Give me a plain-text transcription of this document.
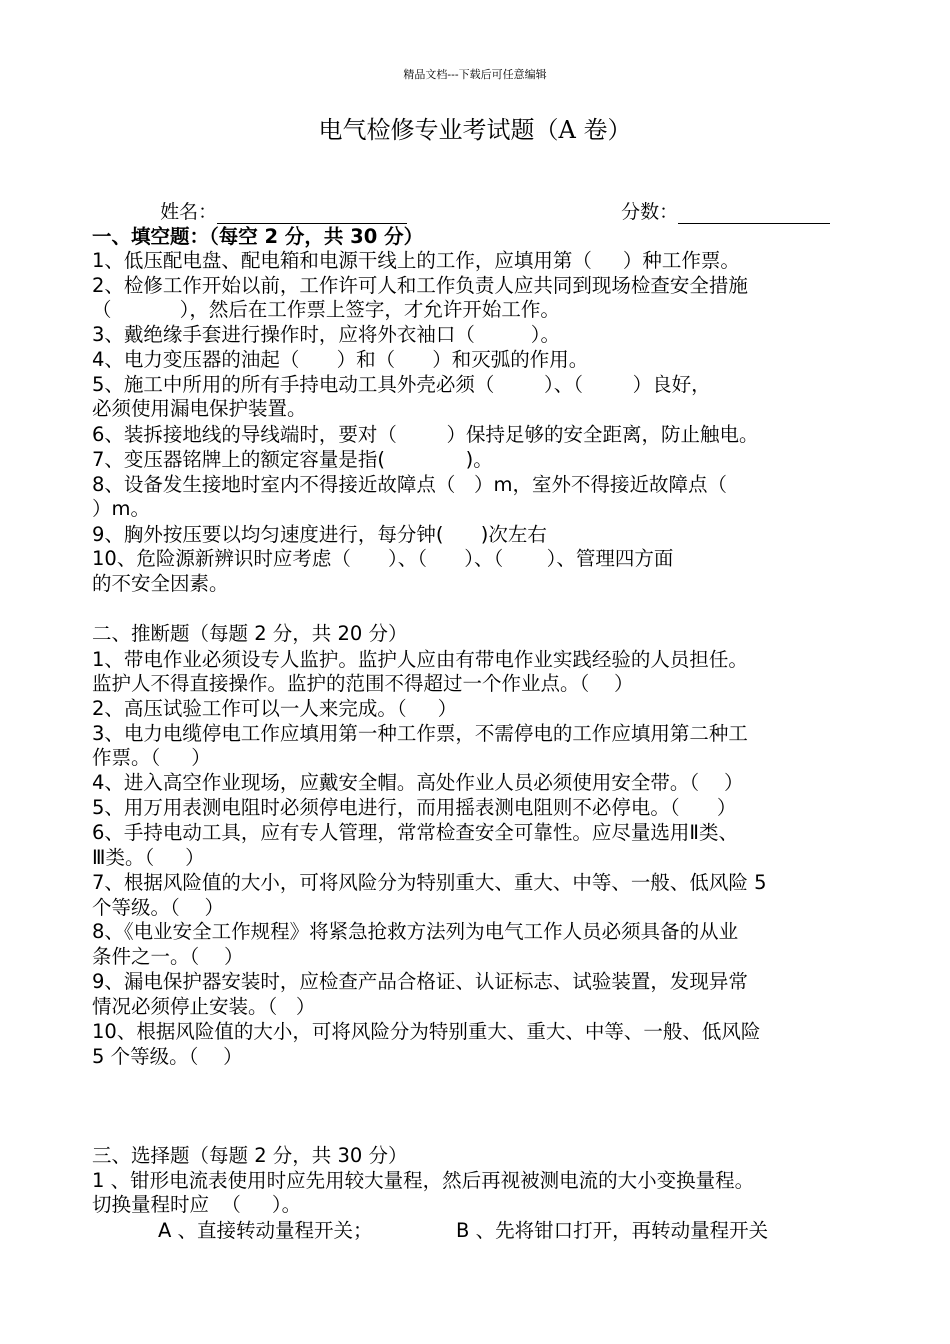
精品文档---下载后可任意编辑
电气检修专业考试题（A 卷）

姓名：	分数：

一、填空题：（每空 2 分，共 30 分）
1、低压配电盘、配电箱和电源干线上的工作，应填用第（     ）种工作票。
2、检修工作开始以前，工作许可人和工作负责人应共同到现场检查安全措施
（           ），然后在工作票上签字，才允许开始工作。
3、戴绝缘手套进行操作时，应将外衣袖口（         ）。
4、电力变压器的油起（      ）和（      ）和灭弧的作用。
5、施工中所用的所有手持电动工具外壳必须（        ）、（        ）良好，
必须使用漏电保护装置。
6、装拆接地线的导线端时，要对（        ）保持足够的安全距离，防止触电。
7、变压器铭牌上的额定容量是指(             )。
8、设备发生接地时室内不得接近故障点（   ）m，室外不得接近故障点（
）m。
9、胸外按压要以均匀速度进行，每分钟(      )次左右
10、危险源新辨识时应考虑（      ）、（      ）、（       ）、管理四方面
的不安全因素。
二、推断题（每题 2 分，共 20 分）
1、带电作业必须设专人监护。监护人应由有带电作业实践经验的人员担任。
监护人不得直接操作。监护的范围不得超过一个作业点。（    ）
2、高压试验工作可以一人来完成。（     ）
3、电力电缆停电工作应填用第一种工作票，不需停电的工作应填用第二种工
作票。（     ）
4、进入高空作业现场，应戴安全帽。高处作业人员必须使用安全带。（    ）
5、用万用表测电阻时必须停电进行，而用摇表测电阻则不必停电。（      ）
6、手持电动工具，应有专人管理，常常检查安全可靠性。应尽量选用Ⅱ类、
Ⅲ类。（     ）
7、根据风险值的大小，可将风险分为特别重大、重大、中等、一般、低风险 5
个等级。（    ）
8、《电业安全工作规程》将紧急抢救方法列为电气工作人员必须具备的从业
条件之一。（    ）
9、漏电保护器安装时，应检查产品合格证、认证标志、试验装置，发现异常
情况必须停止安装。（   ）
10、根据风险值的大小，可将风险分为特别重大、重大、中等、一般、低风险
5 个等级。（    ）
三、选择题（每题 2 分，共 30 分）
1 、钳形电流表使用时应先用较大量程，然后再视被测电流的大小变换量程。
切换量程时应  （     ）。
A 、直接转动量程开关；	B 、先将钳口打开，再转动量程开关
